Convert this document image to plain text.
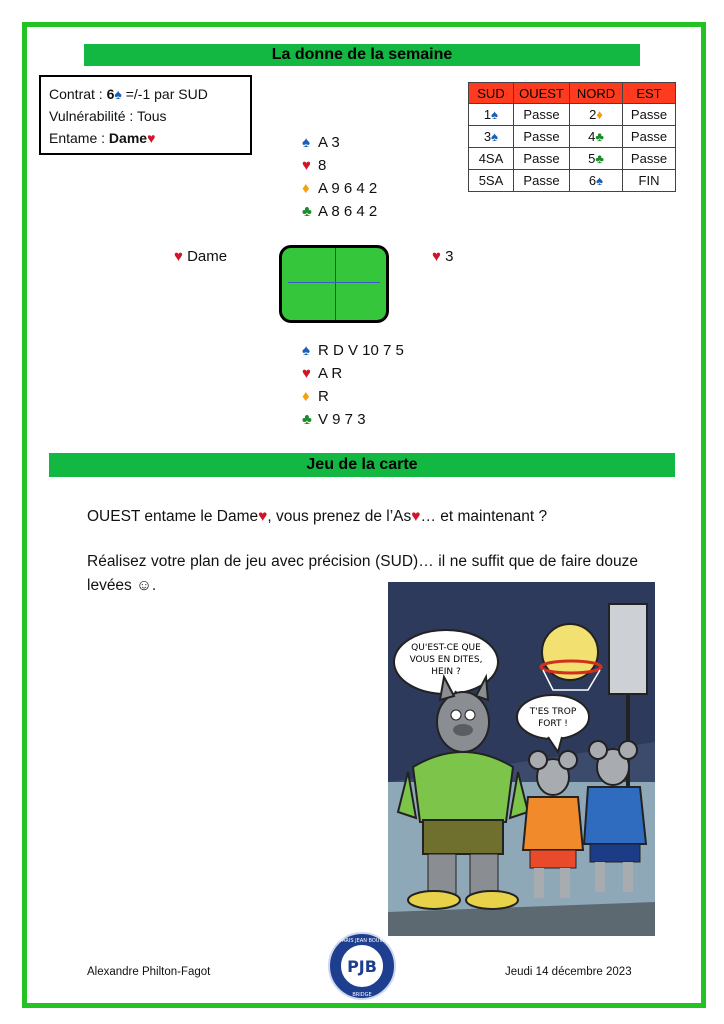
La donne de la semaine
Contrat : 6♠ =/-1 par SUD
Vulnérabilité : Tous
Entame : Dame♥	♠ A 3
♥ 8
♦ A 9 6 4 2
♣ A 8 6 4 2
♥ Dame	♥ 3
♠ R D V 10 7 5
♥ A R
♦ R
♣ V 9 7 3
SUD	OUEST	NORD	EST
1♠	Passe	2♦	Passe
3♠	Passe	4♣	Passe
4SA	Passe	5♣	Passe
5SA	Passe	6♠	FIN
Jeu de la carte
OUEST entame le Dame♥, vous prenez de l’As♥… et maintenant ?
Réalisez votre plan de jeu avec précision (SUD)… il ne suffit que de faire douze levées ☺.
QU'EST-CE QUE
VOUS EN DITES,
HEIN ?
T'ES TROP
FORT !
Alexandre Philton-Fagot	PJB
PARIS JEAN BOUIN
BRIDGE
Jeudi 14 décembre 2023
